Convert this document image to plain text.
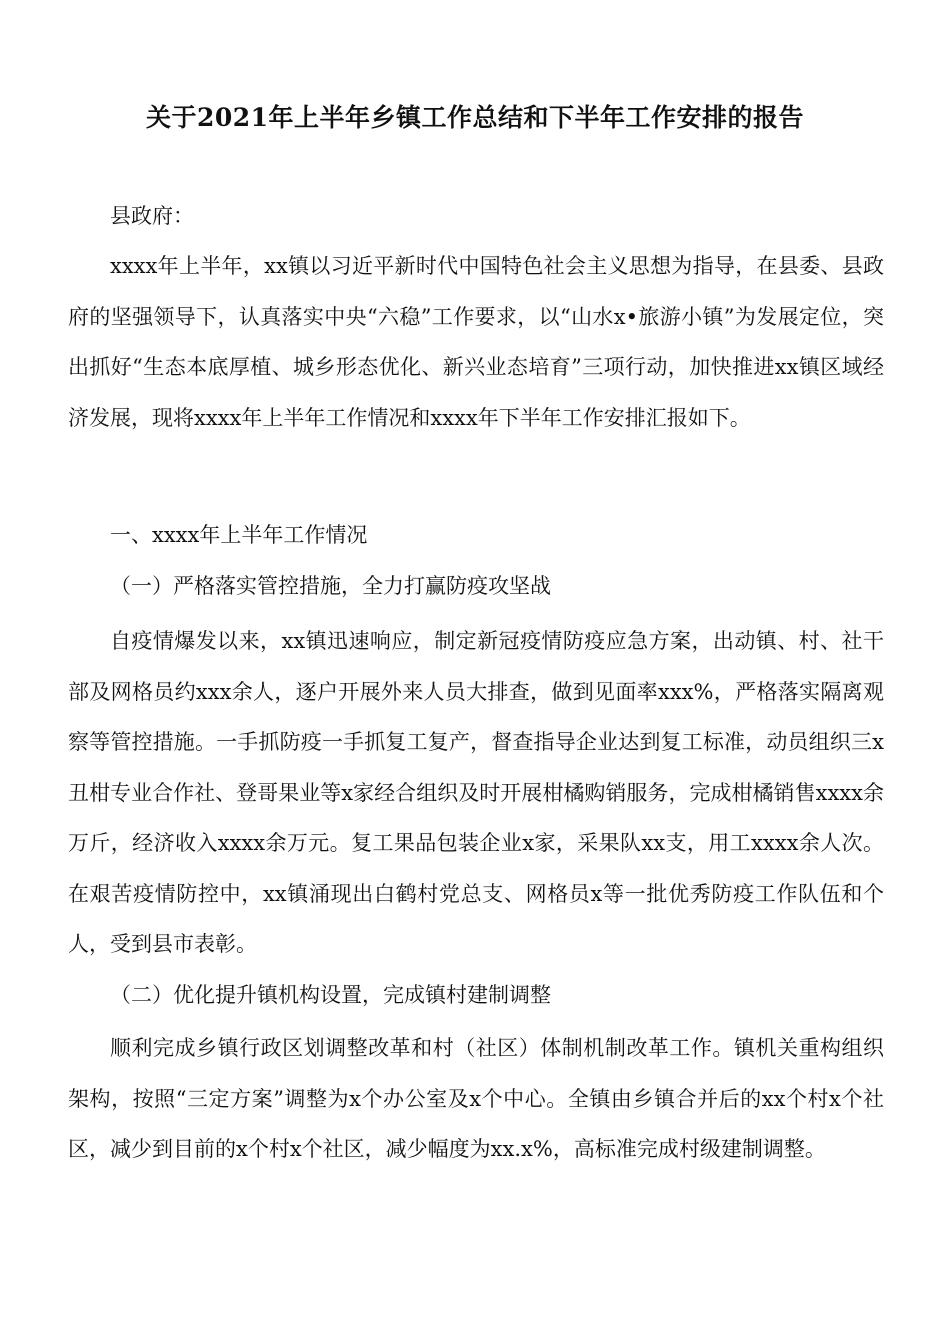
关于2021年上半年乡镇工作总结和下半年工作安排的报告

县政府：

xxxx年上半年，xx镇以习近平新时代中国特色社会主义思想为指导，在县委、县政府的坚强领导下，认真落实中央“六稳”工作要求，以“山水x•旅游小镇”为发展定位，突出抓好“生态本底厚植、城乡形态优化、新兴业态培育”三项行动，加快推进xx镇区域经济发展，现将xxxx年上半年工作情况和xxxx年下半年工作安排汇报如下。

一、xxxx年上半年工作情况

（一）严格落实管控措施，全力打赢防疫攻坚战

自疫情爆发以来，xx镇迅速响应，制定新冠疫情防疫应急方案，出动镇、村、社干部及网格员约xxx余人，逐户开展外来人员大排查，做到见面率xxx%，严格落实隔离观察等管控措施。一手抓防疫一手抓复工复产，督查指导企业达到复工标准，动员组织三x丑柑专业合作社、登哥果业等x家经合组织及时开展柑橘购销服务，完成柑橘销售xxxx余万斤，经济收入xxxx余万元。复工果品包装企业x家，采果队xx支，用工xxxx余人次。在艰苦疫情防控中，xx镇涌现出白鹤村党总支、网格员x等一批优秀防疫工作队伍和个人，受到县市表彰。

（二）优化提升镇机构设置，完成镇村建制调整

顺利完成乡镇行政区划调整改革和村（社区）体制机制改革工作。镇机关重构组织架构，按照“三定方案”调整为x个办公室及x个中心。全镇由乡镇合并后的xx个村x个社区，减少到目前的x个村x个社区，减少幅度为xx.x%，高标准完成村级建制调整。
